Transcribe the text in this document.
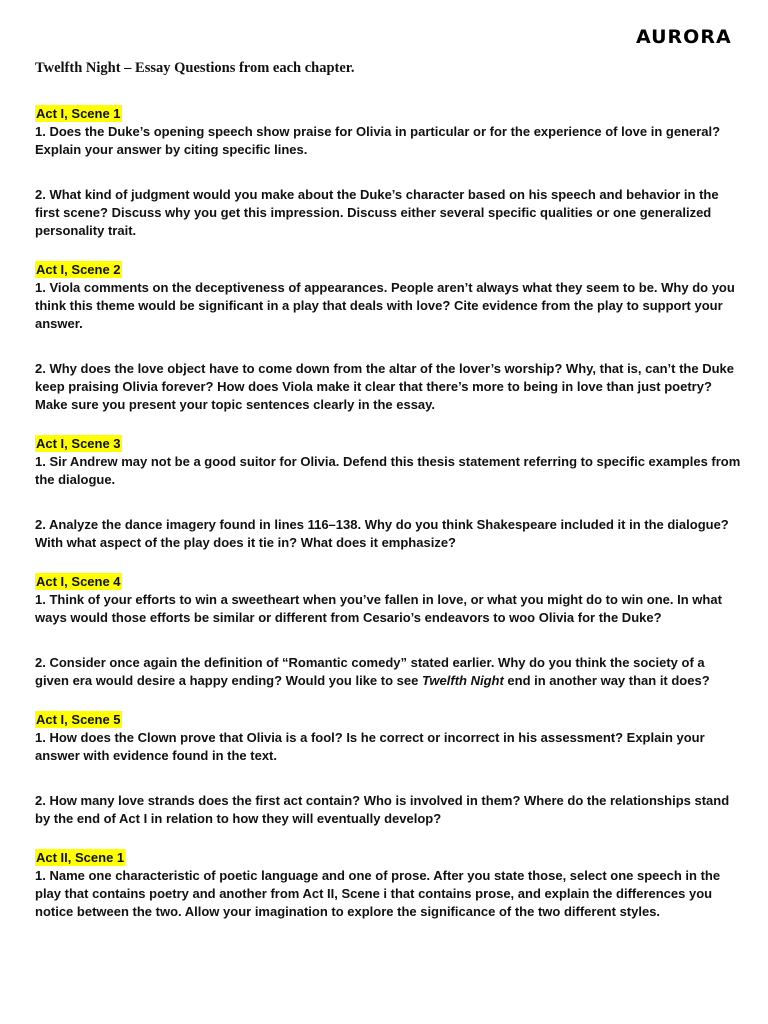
AURORA
Twelfth Night – Essay Questions from each chapter.
Act I, Scene 1

1. Does the Duke’s opening speech show praise for Olivia in particular or for the experience of love in general? Explain your answer by citing specific lines.

2. What kind of judgment would you make about the Duke’s character based on his speech and behavior in the first scene? Discuss why you get this impression. Discuss either several specific qualities or one generalized personality trait.

Act I, Scene 2

1. Viola comments on the deceptiveness of appearances. People aren’t always what they seem to be. Why do you think this theme would be significant in a play that deals with love? Cite evidence from the play to support your answer.

2. Why does the love object have to come down from the altar of the lover’s worship? Why, that is, can’t the Duke keep praising Olivia forever? How does Viola make it clear that there’s more to being in love than just poetry? Make sure you present your topic sentences clearly in the essay.

Act I, Scene 3

1. Sir Andrew may not be a good suitor for Olivia. Defend this thesis statement referring to specific examples from the dialogue.

2. Analyze the dance imagery found in lines 116–138. Why do you think Shakespeare included it in the dialogue? With what aspect of the play does it tie in? What does it emphasize?

Act I, Scene 4

1. Think of your efforts to win a sweetheart when you’ve fallen in love, or what you might do to win one. In what ways would those efforts be similar or different from Cesario’s endeavors to woo Olivia for the Duke?

2. Consider once again the definition of “Romantic comedy” stated earlier. Why do you think the society of a given era would desire a happy ending? Would you like to see Twelfth Night end in another way than it does?

Act I, Scene 5

1. How does the Clown prove that Olivia is a fool? Is he correct or incorrect in his assessment? Explain your answer with evidence found in the text.

2. How many love strands does the first act contain? Who is involved in them? Where do the relationships stand by the end of Act I in relation to how they will eventually develop?

Act II, Scene 1

1. Name one characteristic of poetic language and one of prose. After you state those, select one speech in the play that contains poetry and another from Act II, Scene i that contains prose, and explain the differences you notice between the two. Allow your imagination to explore the significance of the two different styles.
